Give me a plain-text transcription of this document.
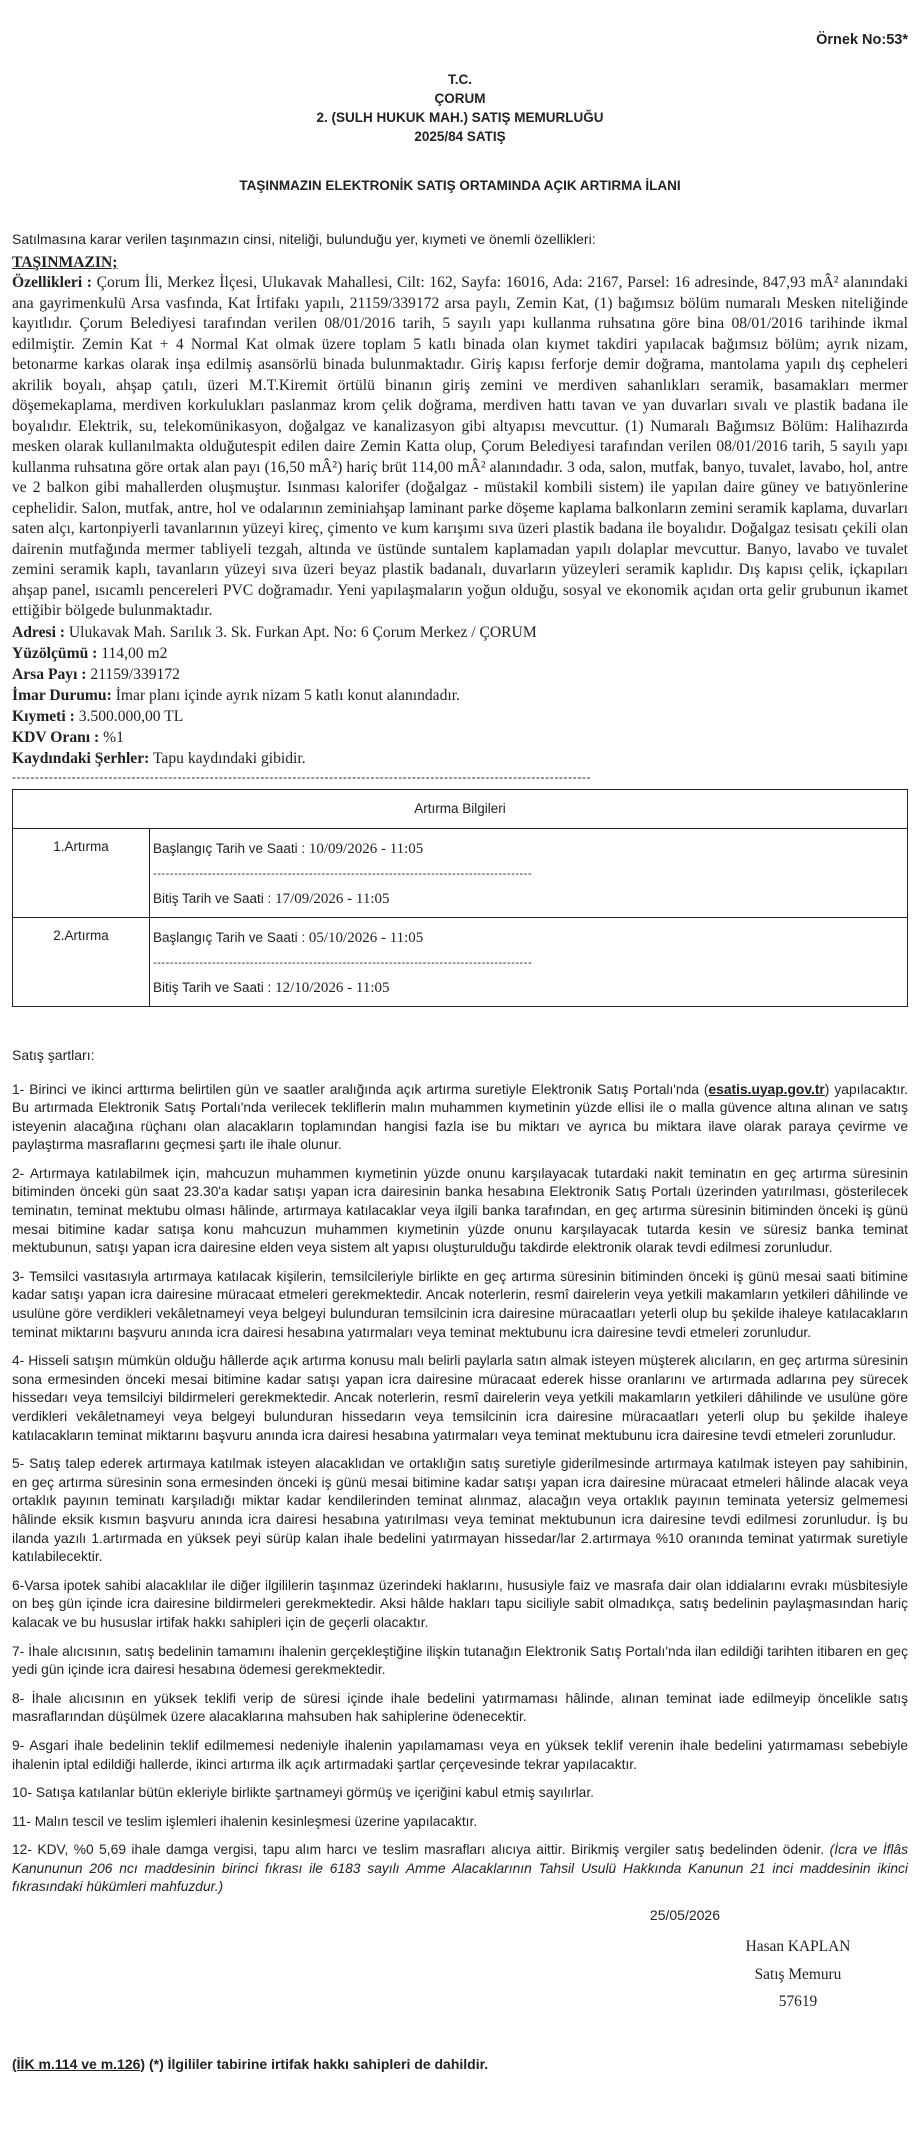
Örnek No:53*
T.C.
ÇORUM
2. (SULH HUKUK MAH.) SATIŞ MEMURLUĞU
2025/84 SATIŞ
TAŞINMAZIN ELEKTRONİK SATIŞ ORTAMINDA AÇIK ARTIRMA İLANI
Satılmasına karar verilen taşınmazın cinsi, niteliği, bulunduğu yer, kıymeti ve önemli özellikleri:
TAŞINMAZIN;
Özellikleri : Çorum İli, Merkez İlçesi, Ulukavak Mahallesi, Cilt: 162, Sayfa: 16016, Ada: 2167, Parsel: 16 adresinde, 847,93 mÂ² alanındaki ana gayrimenkulü Arsa vasfında, Kat İrtifakı yapılı, 21159/339172 arsa paylı, Zemin Kat, (1) bağımsız bölüm numaralı Mesken niteliğinde kayıtlıdır. Çorum Belediyesi tarafından verilen 08/01/2016 tarih, 5 sayılı yapı kullanma ruhsatına göre bina 08/01/2016 tarihinde ikmal edilmiştir. Zemin Kat + 4 Normal Kat olmak üzere toplam 5 katlı binada olan kıymet takdiri yapılacak bağımsız bölüm; ayrık nizam, betonarme karkas olarak inşa edilmiş asansörlü binada bulunmaktadır. Giriş kapısı ferforje demir doğrama, mantolama yapılı dış cepheleri akrilik boyalı, ahşap çatılı, üzeri M.T.Kiremit örtülü binanın giriş zemini ve merdiven sahanlıkları seramik, basamakları mermer döşemekaplama, merdiven korkulukları paslanmaz krom çelik doğrama, merdiven hattı tavan ve yan duvarları sıvalı ve plastik badana ile boyalıdır. Elektrik, su, telekomünikasyon, doğalgaz ve kanalizasyon gibi altyapısı mevcuttur. (1) Numaralı Bağımsız Bölüm: Halihazırda mesken olarak kullanılmakta olduğutespit edilen daire Zemin Katta olup, Çorum Belediyesi tarafından verilen 08/01/2016 tarih, 5 sayılı yapı kullanma ruhsatına göre ortak alan payı (16,50 mÂ²) hariç brüt 114,00 mÂ² alanındadır. 3 oda, salon, mutfak, banyo, tuvalet, lavabo, hol, antre ve 2 balkon gibi mahallerden oluşmuştur. Isınması kalorifer (doğalgaz - müstakil kombili sistem) ile yapılan daire güney ve batıyönlerine cephelidir. Salon, mutfak, antre, hol ve odalarının zeminiahşap laminant parke döşeme kaplama balkonların zemini seramik kaplama, duvarları saten alçı, kartonpiyerli tavanlarının yüzeyi kireç, çimento ve kum karışımı sıva üzeri plastik badana ile boyalıdır. Doğalgaz tesisatı çekili olan dairenin mutfağında mermer tabliyeli tezgah, altında ve üstünde suntalem kaplamadan yapılı dolaplar mevcuttur. Banyo, lavabo ve tuvalet zemini seramik kaplı, tavanların yüzeyi sıva üzeri beyaz plastik badanalı, duvarların yüzeyleri seramik kaplıdır. Dış kapısı çelik, içkapıları ahşap panel, ısıcamlı pencereleri PVC doğramadır. Yeni yapılaşmaların yoğun olduğu, sosyal ve ekonomik açıdan orta gelir grubunun ikamet ettiğibir bölgede bulunmaktadır.
Adresi : Ulukavak Mah. Sarılık 3. Sk. Furkan Apt. No: 6 Çorum Merkez / ÇORUM
Yüzölçümü : 114,00 m2
Arsa Payı : 21159/339172
İmar Durumu: İmar planı içinde ayrık nizam 5 katlı konut alanındadır.
Kıymeti : 3.500.000,00 TL
KDV Oranı : %1
Kaydındaki Şerhler: Tapu kaydındaki gibidir.
------------------------------------------------------------------------------------------------------------------------------
Artırma Bilgileri	
1.Artırma	Başlangıç Tarih ve Saati : 10/09/2026 - 11:05
------------------------------------------------------------------------------------------
Bitiş Tarih ve Saati : 17/09/2026 - 11:05

2.Artırma	Başlangıç Tarih ve Saati : 05/10/2026 - 11:05
------------------------------------------------------------------------------------------
Bitiş Tarih ve Saati : 12/10/2026 - 11:05
Satış şartları:
1- Birinci ve ikinci arttırma belirtilen gün ve saatler aralığında açık artırma suretiyle Elektronik Satış Portalı'nda (esatis.uyap.gov.tr) yapılacaktır. Bu artırmada Elektronik Satış Portalı'nda verilecek tekliflerin malın muhammen kıymetinin yüzde ellisi ile o malla güvence altına alınan ve satış isteyenin alacağına rüçhanı olan alacakların toplamından hangisi fazla ise bu miktarı ve ayrıca bu miktara ilave olarak paraya çevirme ve paylaştırma masraflarını geçmesi şartı ile ihale olunur.
2- Artırmaya katılabilmek için, mahcuzun muhammen kıymetinin yüzde onunu karşılayacak tutardaki nakit teminatın en geç artırma süresinin bitiminden önceki gün saat 23.30'a kadar satışı yapan icra dairesinin banka hesabına Elektronik Satış Portalı üzerinden yatırılması, gösterilecek teminatın, teminat mektubu olması hâlinde, artırmaya katılacaklar veya ilgili banka tarafından, en geç artırma süresinin bitiminden önceki iş günü mesai bitimine kadar satışa konu mahcuzun muhammen kıymetinin yüzde onunu karşılayacak tutarda kesin ve süresiz banka teminat mektubunun, satışı yapan icra dairesine elden veya sistem alt yapısı oluşturulduğu takdirde elektronik olarak tevdi edilmesi zorunludur.
3- Temsilci vasıtasıyla artırmaya katılacak kişilerin, temsilcileriyle birlikte en geç artırma süresinin bitiminden önceki iş günü mesai saati bitimine kadar satışı yapan icra dairesine müracaat etmeleri gerekmektedir. Ancak noterlerin, resmî dairelerin veya yetkili makamların yetkileri dâhilinde ve usulüne göre verdikleri vekâletnameyi veya belgeyi bulunduran temsilcinin icra dairesine müracaatları yeterli olup bu şekilde ihaleye katılacakların teminat miktarını başvuru anında icra dairesi hesabına yatırmaları veya teminat mektubunu icra dairesine tevdi etmeleri zorunludur.
4- Hisseli satışın mümkün olduğu hâllerde açık artırma konusu malı belirli paylarla satın almak isteyen müşterek alıcıların, en geç artırma süresinin sona ermesinden önceki mesai bitimine kadar satışı yapan icra dairesine müracaat ederek hisse oranlarını ve artırmada adlarına pey sürecek hissedarı veya temsilciyi bildirmeleri gerekmektedir. Ancak noterlerin, resmî dairelerin veya yetkili makamların yetkileri dâhilinde ve usulüne göre verdikleri vekâletnameyi veya belgeyi bulunduran hissedarın veya temsilcinin icra dairesine müracaatları yeterli olup bu şekilde ihaleye katılacakların teminat miktarını başvuru anında icra dairesi hesabına yatırmaları veya teminat mektubunu icra dairesine tevdi etmeleri zorunludur.
5- Satış talep ederek artırmaya katılmak isteyen alacaklıdan ve ortaklığın satış suretiyle giderilmesinde artırmaya katılmak isteyen pay sahibinin, en geç artırma süresinin sona ermesinden önceki iş günü mesai bitimine kadar satışı yapan icra dairesine müracaat etmeleri hâlinde alacak veya ortaklık payının teminatı karşıladığı miktar kadar kendilerinden teminat alınmaz, alacağın veya ortaklık payının teminata yetersiz gelmemesi hâlinde eksik kısmın başvuru anında icra dairesi hesabına yatırılması veya teminat mektubunun icra dairesine tevdi edilmesi zorunludur. İş bu ilanda yazılı 1.artırmada en yüksek peyi sürüp kalan ihale bedelini yatırmayan hissedar/lar 2.artırmaya %10 oranında teminat yatırmak suretiyle katılabilecektir.
6-Varsa ipotek sahibi alacaklılar ile diğer ilgililerin taşınmaz üzerindeki haklarını, hususiyle faiz ve masrafa dair olan iddialarını evrakı müsbitesiyle on beş gün içinde icra dairesine bildirmeleri gerekmektedir. Aksi hâlde hakları tapu siciliyle sabit olmadıkça, satış bedelinin paylaşmasından hariç kalacak ve bu hususlar irtifak hakkı sahipleri için de geçerli olacaktır.
7- İhale alıcısının, satış bedelinin tamamını ihalenin gerçekleştiğine ilişkin tutanağın Elektronik Satış Portalı'nda ilan edildiği tarihten itibaren en geç yedi gün içinde icra dairesi hesabına ödemesi gerekmektedir.
8- İhale alıcısının en yüksek teklifi verip de süresi içinde ihale bedelini yatırmaması hâlinde, alınan teminat iade edilmeyip öncelikle satış masraflarından düşülmek üzere alacaklarına mahsuben hak sahiplerine ödenecektir.
9- Asgari ihale bedelinin teklif edilmemesi nedeniyle ihalenin yapılamaması veya en yüksek teklif verenin ihale bedelini yatırmaması sebebiyle ihalenin iptal edildiği hallerde, ikinci artırma ilk açık artırmadaki şartlar çerçevesinde tekrar yapılacaktır.
10- Satışa katılanlar bütün ekleriyle birlikte şartnameyi görmüş ve içeriğini kabul etmiş sayılırlar.
11- Malın tescil ve teslim işlemleri ihalenin kesinleşmesi üzerine yapılacaktır.
12- KDV, %0 5,69 ihale damga vergisi, tapu alım harcı ve teslim masrafları alıcıya aittir. Birikmiş vergiler satış bedelinden ödenir. (İcra ve İflâs Kanununun 206 ncı maddesinin birinci fıkrası ile 6183 sayılı Amme Alacaklarının Tahsil Usulü Hakkında Kanunun 21 inci maddesinin ikinci fıkrasındaki hükümleri mahfuzdur.)
25/05/2026
Hasan KAPLAN
Satış Memuru
57619
(İİK m.114 ve m.126) (*) İlgililer tabirine irtifak hakkı sahipleri de dahildir.
